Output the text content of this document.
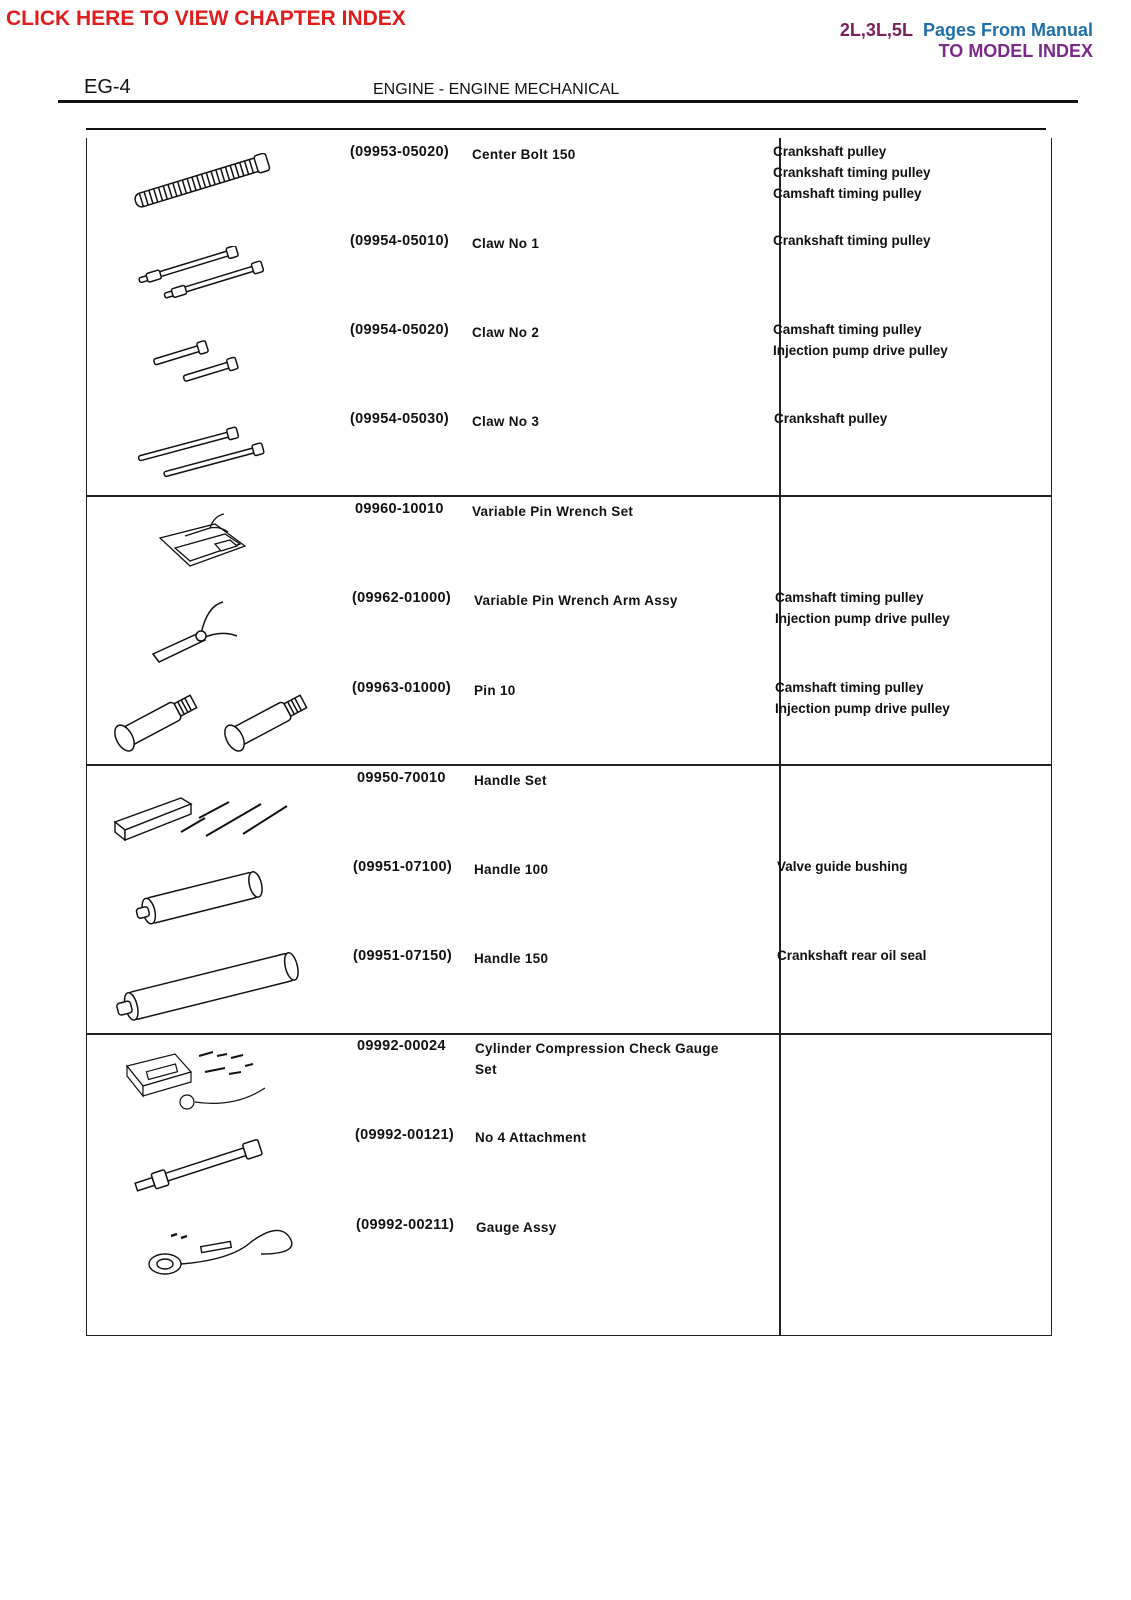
CLICK HERE TO VIEW CHAPTER INDEX	2L,3L,5L Pages From Manual
TO MODEL INDEX
EG-4	ENGINE - ENGINE MECHANICAL
(09953-05020) Center Bolt 150	Crankshaft pulley
Crankshaft timing pulley
Camshaft timing pulley
(09954-05010) Claw No 1	Crankshaft timing pulley
(09954-05020) Claw No 2	Camshaft timing pulley
Injection pump drive pulley
(09954-05030) Claw No 3	Crankshaft pulley
09960-10010 Variable Pin Wrench Set
(09962-01000) Variable Pin Wrench Arm Assy	Camshaft timing pulley
Injection pump drive pulley
(09963-01000) Pin 10	Camshaft timing pulley
Injection pump drive pulley
09950-70010 Handle Set
(09951-07100) Handle 100	Valve guide bushing
(09951-07150) Handle 150	Crankshaft rear oil seal
09992-00024 Cylinder Compression Check Gauge
Set
(09992-00121) No 4 Attachment
(09992-00211) Gauge Assy
